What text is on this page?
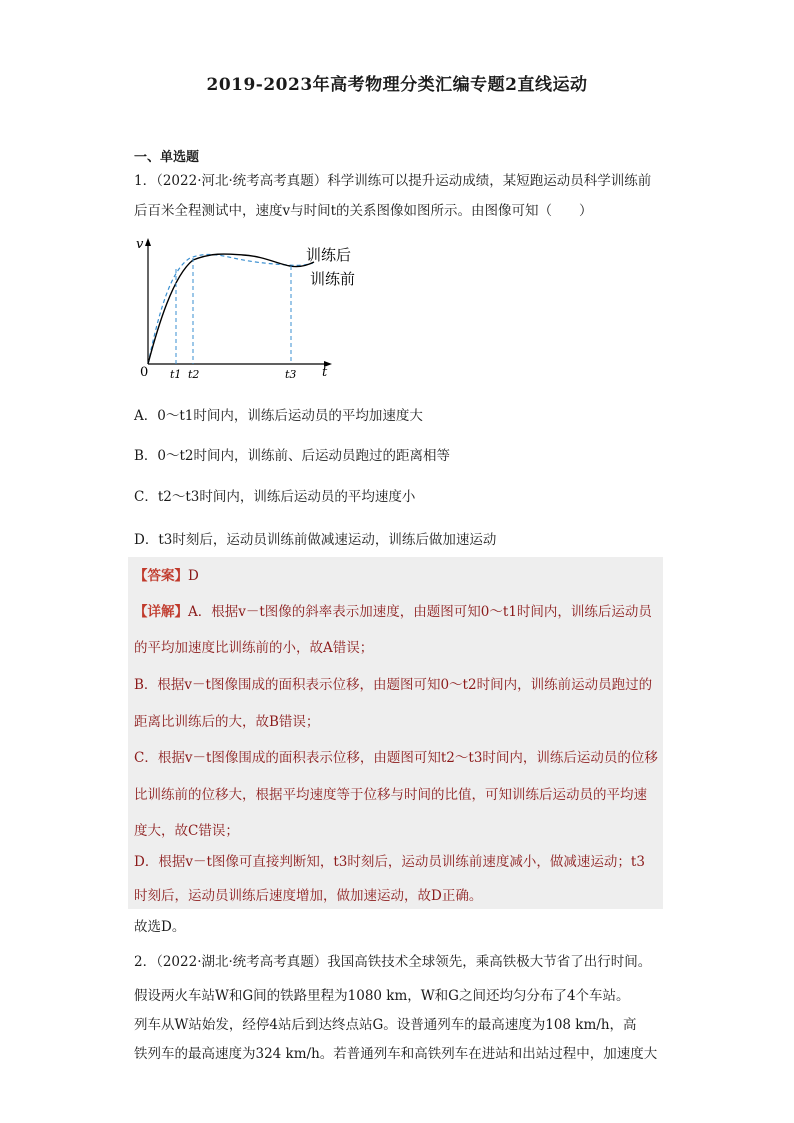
2019-2023年高考物理分类汇编专题2直线运动
一、单选题
1．（2022·河北·统考高考真题）科学训练可以提升运动成绩，某短跑运动员科学训练前
后百米全程测试中，速度v与时间t的关系图像如图所示。由图像可知（　　）
v
t
0 t1 t2	t3
训练后
训练前
A．0～t1时间内，训练后运动员的平均加速度大
B．0～t2时间内，训练前、后运动员跑过的距离相等
C．t2～t3时间内，训练后运动员的平均速度小
D．t3时刻后，运动员训练前做减速运动，训练后做加速运动
【答案】D
【详解】A．根据v－t图像的斜率表示加速度，由题图可知0～t1时间内，训练后运动员
的平均加速度比训练前的小，故A错误；
B．根据v－t图像围成的面积表示位移，由题图可知0～t2时间内，训练前运动员跑过的
距离比训练后的大，故B错误；
C．根据v－t图像围成的面积表示位移，由题图可知t2～t3时间内，训练后运动员的位移
比训练前的位移大，根据平均速度等于位移与时间的比值，可知训练后运动员的平均速
度大，故C错误；
D．根据v－t图像可直接判断知，t3时刻后，运动员训练前速度减小，做减速运动；t3
时刻后，运动员训练后速度增加，做加速运动，故D正确。
故选D。
2．（2022·湖北·统考高考真题）我国高铁技术全球领先，乘高铁极大节省了出行时间。
假设两火车站W和G间的铁路里程为1080 km，W和G之间还均匀分布了4个车站。
列车从W站始发，经停4站后到达终点站G。设普通列车的最高速度为108 km/h，高
铁列车的最高速度为324 km/h。若普通列车和高铁列车在进站和出站过程中，加速度大
